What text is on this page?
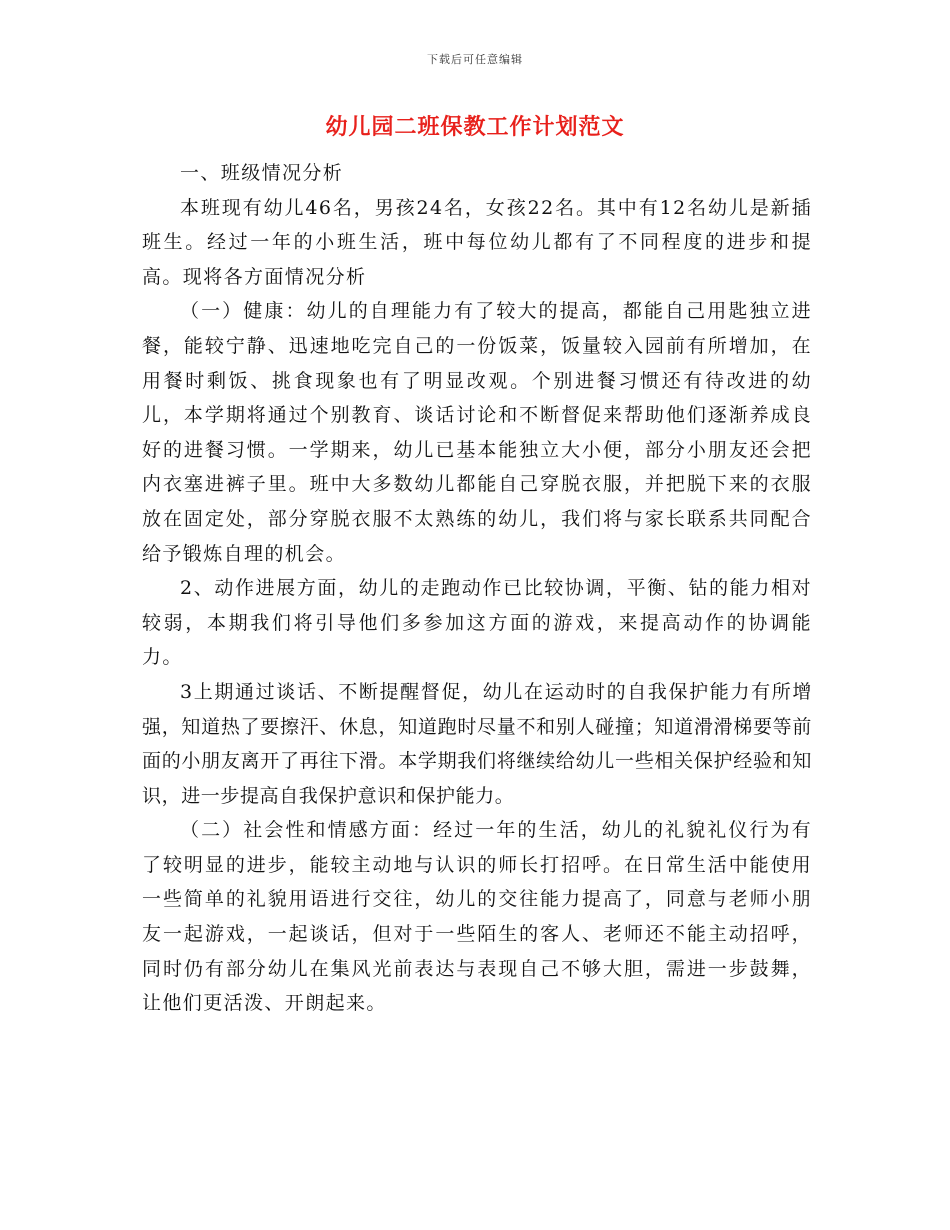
下载后可任意编辑
幼儿园二班保教工作计划范文

一、班级情况分析

本班现有幼儿46名，男孩24名，女孩22名。其中有12名幼儿是新插班生。经过一年的小班生活，班中每位幼儿都有了不同程度的进步和提高。现将各方面情况分析

（一）健康：幼儿的自理能力有了较大的提高，都能自己用匙独立进餐，能较宁静、迅速地吃完自己的一份饭菜，饭量较入园前有所增加，在用餐时剩饭、挑食现象也有了明显改观。个别进餐习惯还有待改进的幼儿，本学期将通过个别教育、谈话讨论和不断督促来帮助他们逐渐养成良好的进餐习惯。一学期来，幼儿已基本能独立大小便，部分小朋友还会把内衣塞进裤子里。班中大多数幼儿都能自己穿脱衣服，并把脱下来的衣服放在固定处，部分穿脱衣服不太熟练的幼儿，我们将与家长联系共同配合给予锻炼自理的机会。

2、动作进展方面，幼儿的走跑动作已比较协调，平衡、钻的能力相对较弱，本期我们将引导他们多参加这方面的游戏，来提高动作的协调能力。

3上期通过谈话、不断提醒督促，幼儿在运动时的自我保护能力有所增强，知道热了要擦汗、休息，知道跑时尽量不和别人碰撞；知道滑滑梯要等前面的小朋友离开了再往下滑。本学期我们将继续给幼儿一些相关保护经验和知识，进一步提高自我保护意识和保护能力。

（二）社会性和情感方面：经过一年的生活，幼儿的礼貌礼仪行为有了较明显的进步，能较主动地与认识的师长打招呼。在日常生活中能使用一些简单的礼貌用语进行交往，幼儿的交往能力提高了，同意与老师小朋友一起游戏，一起谈话，但对于一些陌生的客人、老师还不能主动招呼，同时仍有部分幼儿在集风光前表达与表现自己不够大胆，需进一步鼓舞，让他们更活泼、开朗起来。
